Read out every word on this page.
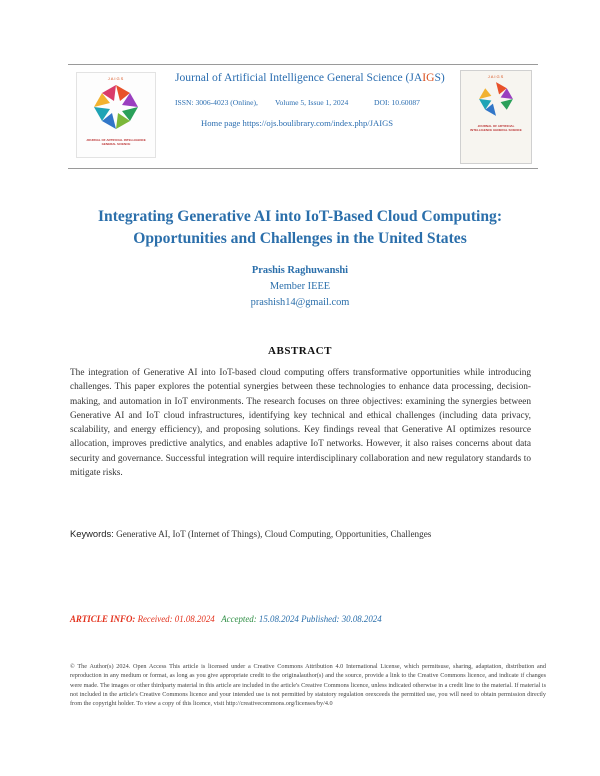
JAIGS
JOURNAL OF ARTIFICIAL INTELLIGENCE GENERAL SCIENCE
Journal of Artificial Intelligence General Science (JAIGS)
ISSN: 3006-4023 (Online), Volume 5, Issue 1, 2024	DOI: 10.60087
Home page https://ojs.boulibrary.com/index.php/JAIGS
JAIGS
JOURNAL OF ARTIFICIAL INTELLIGENCE GENERAL SCIENCE
Integrating Generative AI into IoT-Based Cloud Computing:
Opportunities and Challenges in the United States
Prashis Raghuwanshi
Member IEEE
prashish14@gmail.com
ABSTRACT

The integration of Generative AI into IoT-based cloud computing offers transformative opportunities while introducing challenges. This paper explores the potential synergies between these technologies to enhance data processing, decision-making, and automation in IoT environments. The research focuses on three objectives: examining the synergies between Generative AI and IoT cloud infrastructures, identifying key technical and ethical challenges (including data privacy, scalability, and energy efficiency), and proposing solutions. Key findings reveal that Generative AI optimizes resource allocation, improves predictive analytics, and enables adaptive IoT networks. However, it also raises concerns about data security and governance. Successful integration will require interdisciplinary collaboration and new regulatory standards to mitigate risks.

Keywords: Generative AI, IoT (Internet of Things), Cloud Computing, Opportunities, Challenges
ARTICLE INFO: Received: 01.08.2024 Accepted: 15.08.2024 Published: 30.08.2024

© The Author(s) 2024. Open Access This article is licensed under a Creative Commons Attribution 4.0 International License, which permitsuse, sharing, adaptation, distribution and reproduction in any medium or format, as long as you give appropriate credit to the originalauthor(s) and the source, provide a link to the Creative Commons licence, and indicate if changes were made. The images or other thirdparty material in this article are included in the article's Creative Commons licence, unless indicated otherwise in a credit line to the material. If material is not included in the article's Creative Commons licence and your intended use is not permitted by statutory regulation orexceeds the permitted use, you will need to obtain permission directly from the copyright holder. To view a copy of this licence, visit http://creativecommons.org/licenses/by/4.0
